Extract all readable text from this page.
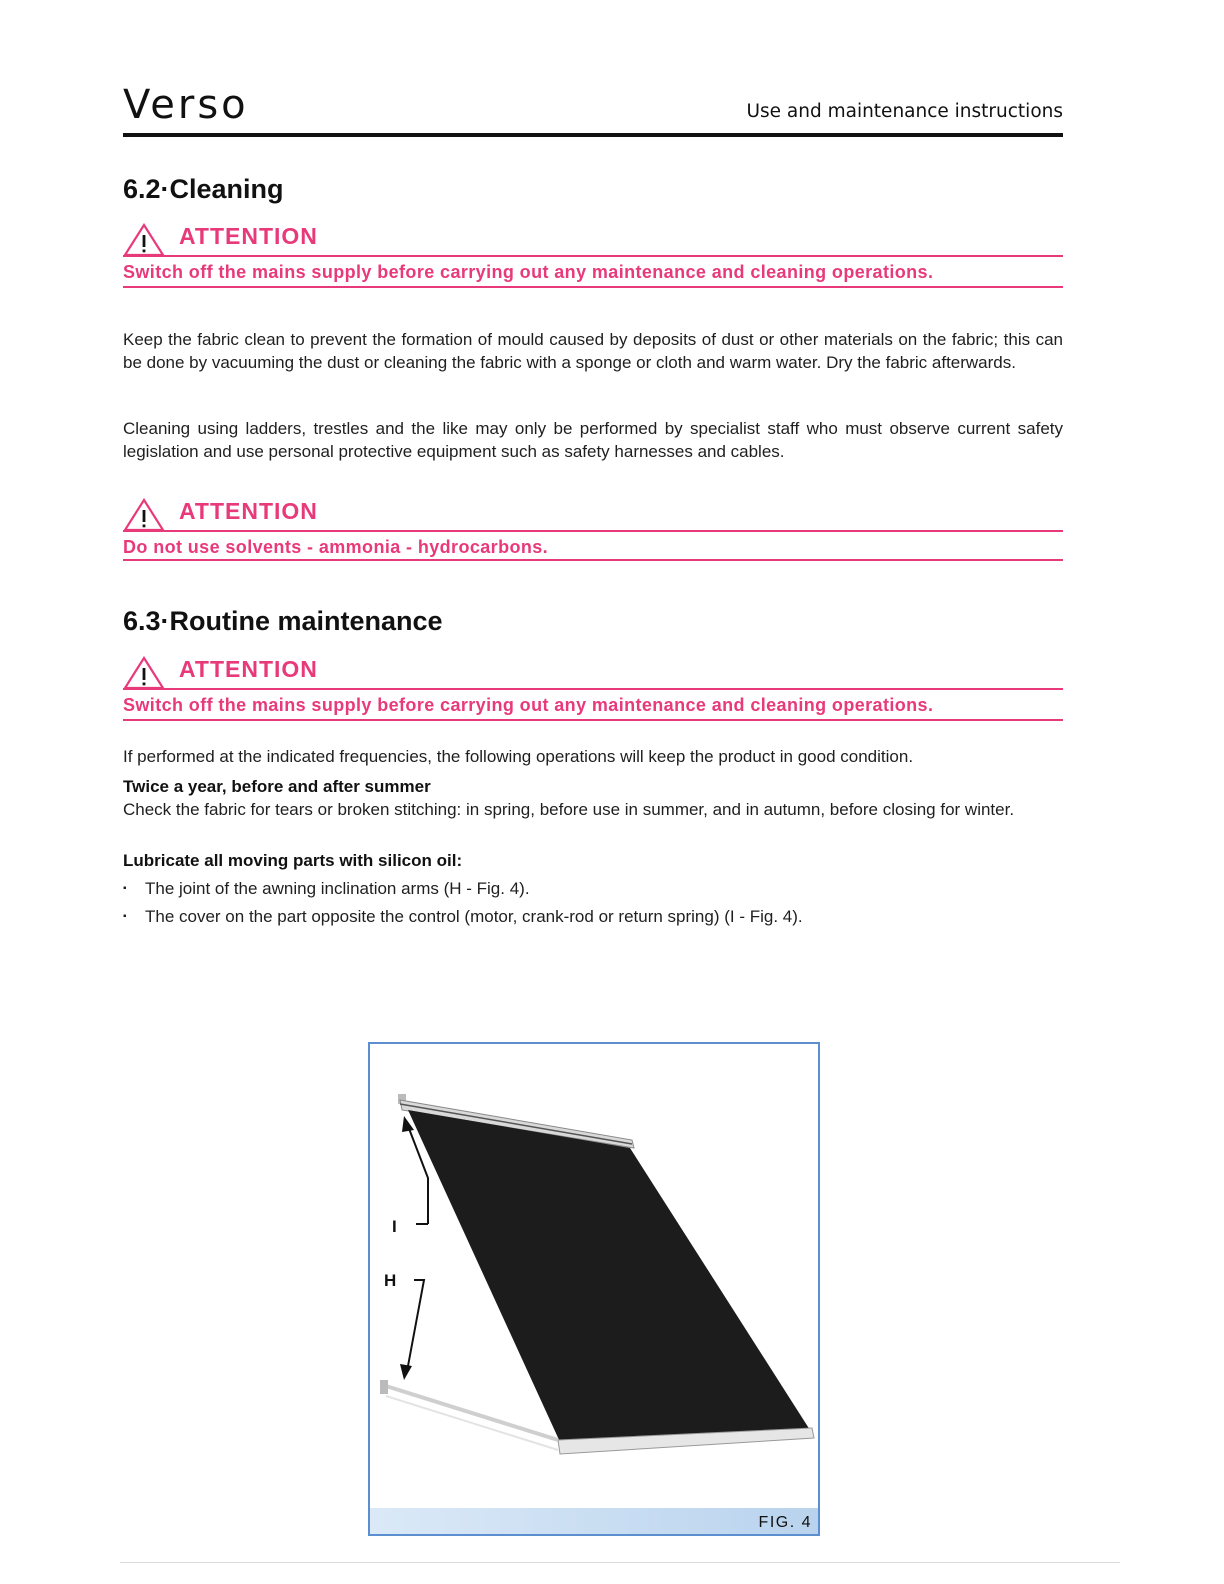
Verso	Use and maintenance instructions
6.2·Cleaning
ATTENTION
Switch off the mains supply before carrying out any maintenance and cleaning operations.
Keep the fabric clean to prevent the formation of mould caused by deposits of dust or other materials on the fabric; this can be done by vacuuming the dust or cleaning the fabric with a sponge or cloth and warm water. Dry the fabric afterwards.
Cleaning using ladders, trestles and the like may only be performed by specialist staff who must observe current safety legislation and use personal protective equipment such as safety harnesses and cables.
ATTENTION
Do not use solvents - ammonia - hydrocarbons.
6.3·Routine maintenance
ATTENTION
Switch off the mains supply before carrying out any maintenance and cleaning operations.
If performed at the indicated frequencies, the following operations will keep the product in good condition.
Twice a year, before and after summer
Check the fabric for tears or broken stitching: in spring, before use in summer, and in autumn, before closing for winter.
Lubricate all moving parts with silicon oil:
▪ The joint of the awning inclination arms (H - Fig. 4).
▪ The cover on the part opposite the control (motor, crank-rod or return spring) (I - Fig. 4).
I
H
FIG. 4
